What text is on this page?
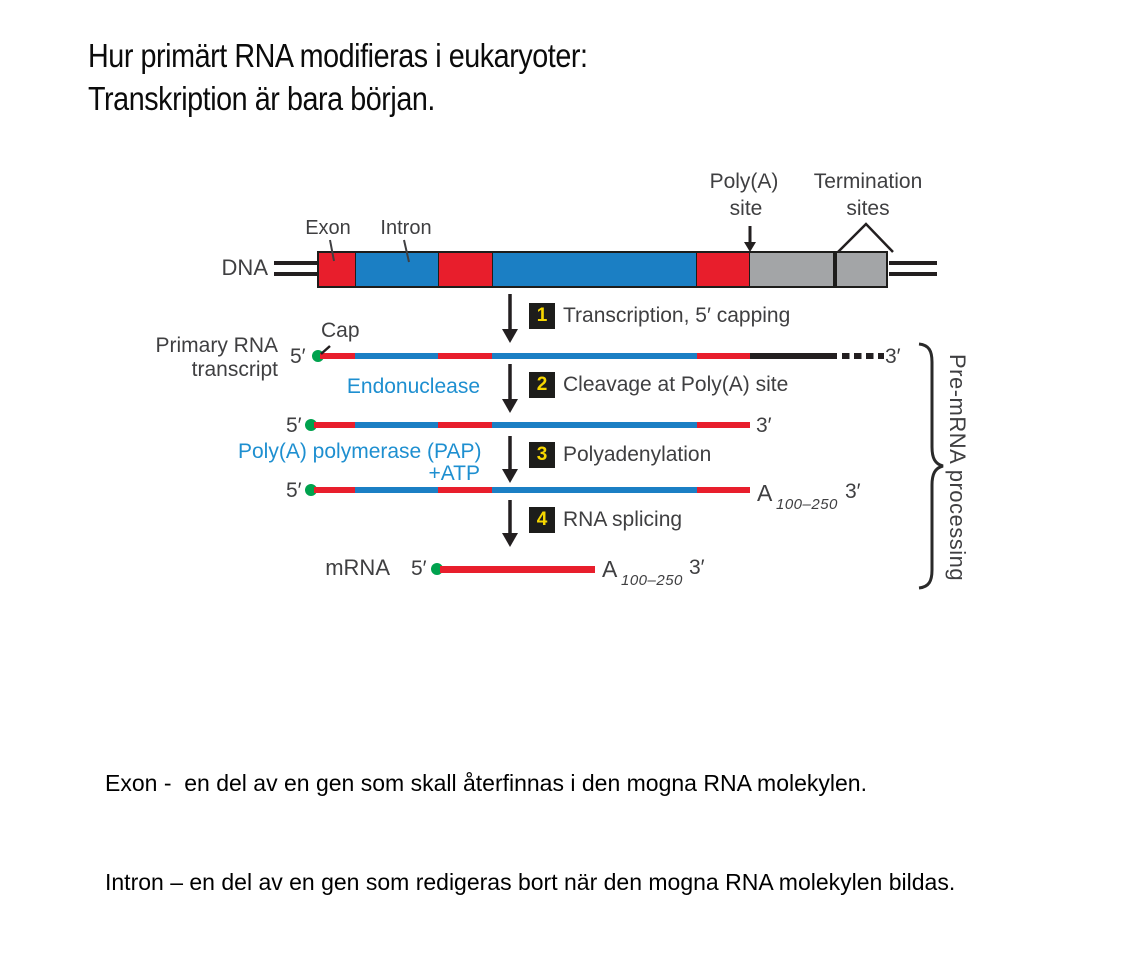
Hur primärt RNA modifieras i eukaryoter:
Transkription är bara början.
DNA
Exon Intron
Poly(A)
site
Termination
sites
1 Transcription, 5′ capping
Primary RNA
transcript
5′
Cap
3′
Endonuclease	2 Cleavage at Poly(A) site
5′	3′
Poly(A) polymerase (PAP)
+ATP
3 Polyadenylation
5′	A 100–250
3′
4 RNA splicing
mRNA 5′	A 100–250
3′	Pre-mRNA processing

Exon -  en del av en gen som skall återfinnas i den mogna RNA molekylen.

Intron – en del av en gen som redigeras bort när den mogna RNA molekylen bildas.
